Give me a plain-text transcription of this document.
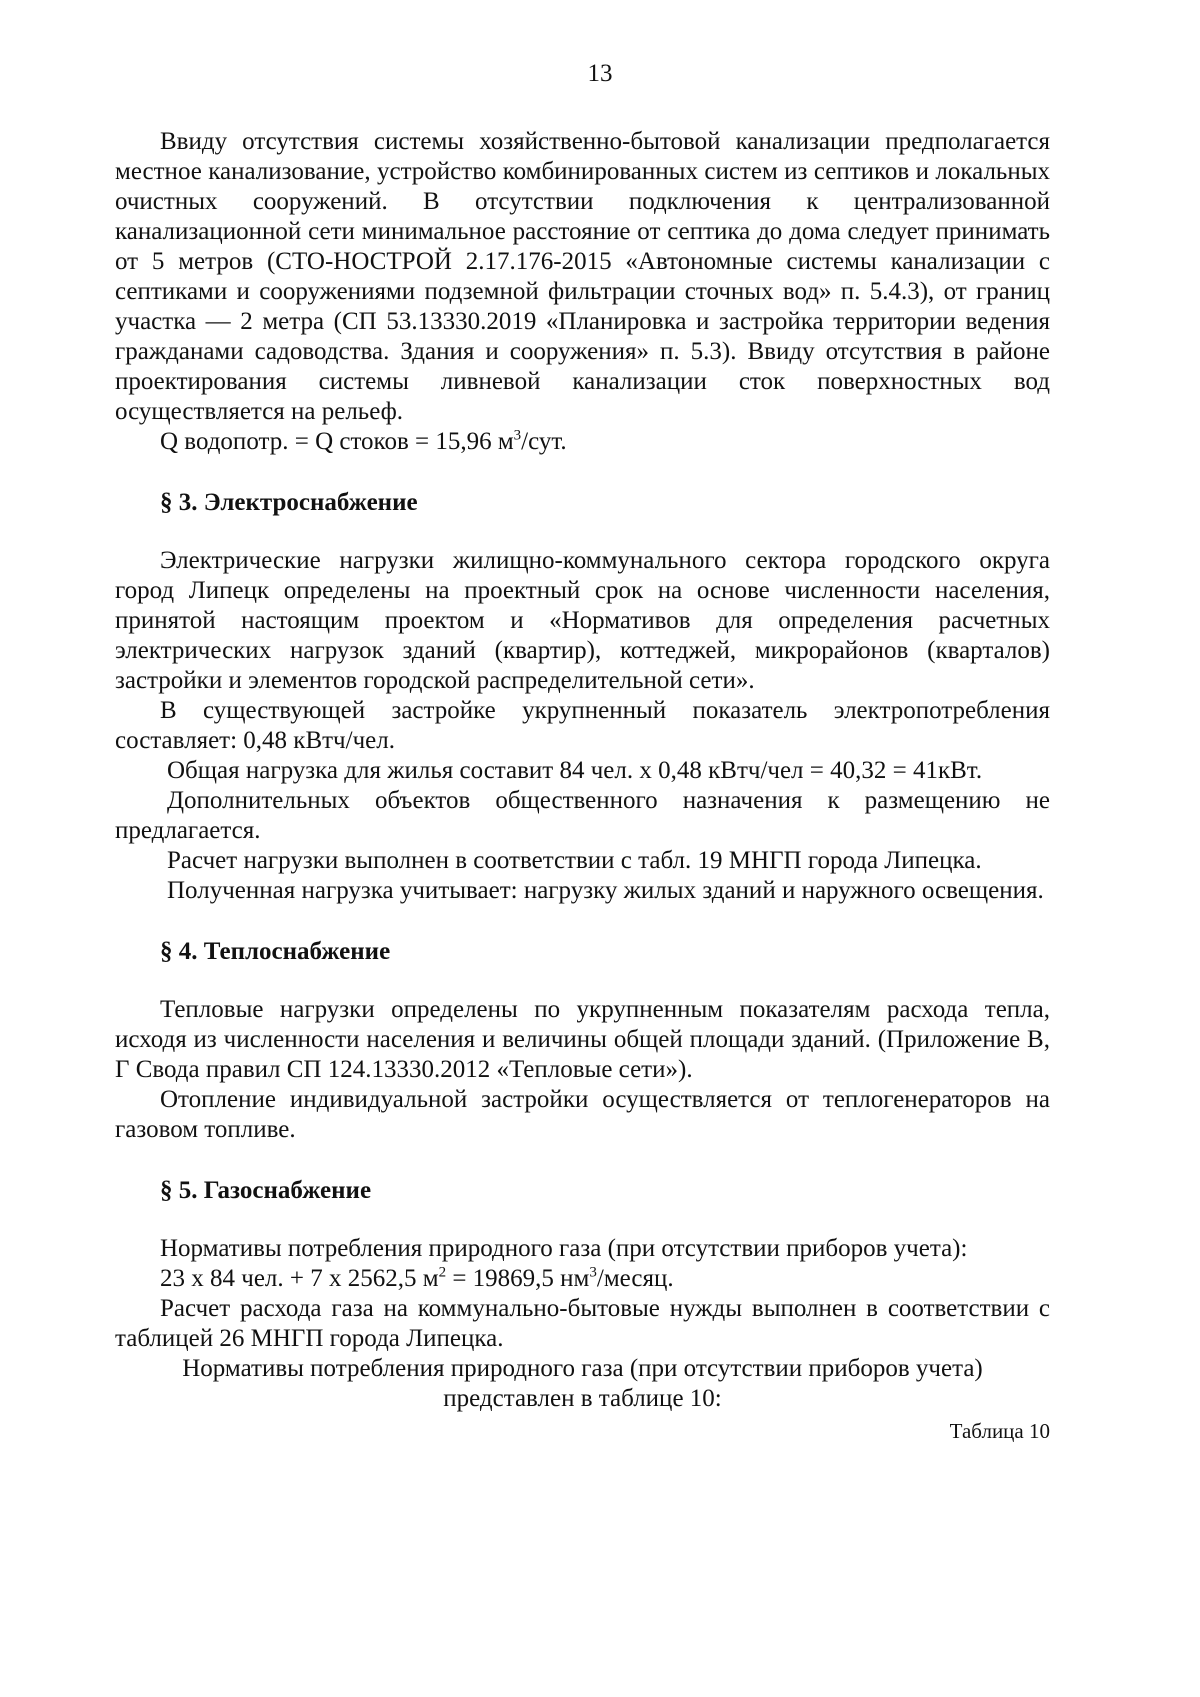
13

Ввиду отсутствия системы хозяйственно-бытовой канализации предполагается местное канализование, устройство комбинированных систем из септиков и локальных очистных сооружений. В отсутствии подключения к централизованной канализационной сети минимальное расстояние от септика до дома следует принимать от 5 метров (СТО-НОСТРОЙ 2.17.176-2015 «Автономные системы канализации с септиками и сооружениями подземной фильтрации сточных вод» п. 5.4.3), от границ участка — 2 метра (СП 53.13330.2019 «Планировка и застройка территории ведения гражданами садоводства. Здания и сооружения» п. 5.3). Ввиду отсутствия в районе проектирования системы ливневой канализации сток поверхностных вод осуществляется на рельеф.

Q водопотр. = Q стоков = 15,96 $м^3$/сут.

§ 3. Электроснабжение

Электрические нагрузки жилищно-коммунального сектора городского округа город Липецк определены на проектный срок на основе численности населения, принятой настоящим проектом и «Нормативов для определения расчетных электрических нагрузок зданий (квартир), коттеджей, микрорайонов (кварталов) застройки и элементов городской распределительной сети».

В существующей застройке укрупненный показатель электропотребления составляет: 0,48 кВтч/чел.

Общая нагрузка для жилья составит 84 чел. х 0,48 кВтч/чел = 40,32 = 41кВт.

Дополнительных объектов общественного назначения к размещению не предлагается.

Расчет нагрузки выполнен в соответствии с табл. 19 МНГП города Липецка.

Полученная нагрузка учитывает: нагрузку жилых зданий и наружного освещения.

§ 4. Теплоснабжение

Тепловые нагрузки определены по укрупненным показателям расхода тепла, исходя из численности населения и величины общей площади зданий. (Приложение В, Г Свода правил СП 124.13330.2012 «Тепловые сети»).

Отопление индивидуальной застройки осуществляется от теплогенераторов на газовом топливе.

§ 5. Газоснабжение

Нормативы потребления природного газа (при отсутствии приборов учета):

23 х 84 чел. + 7 х 2562,5 $м^2 = 19869,5$ $нм^3$/месяц.

Расчет расхода газа на коммунально-бытовые нужды выполнен в соответствии с таблицей 26 МНГП города Липецка.

Нормативы потребления природного газа (при отсутствии приборов учета) представлен в таблице 10:

Таблица 10
